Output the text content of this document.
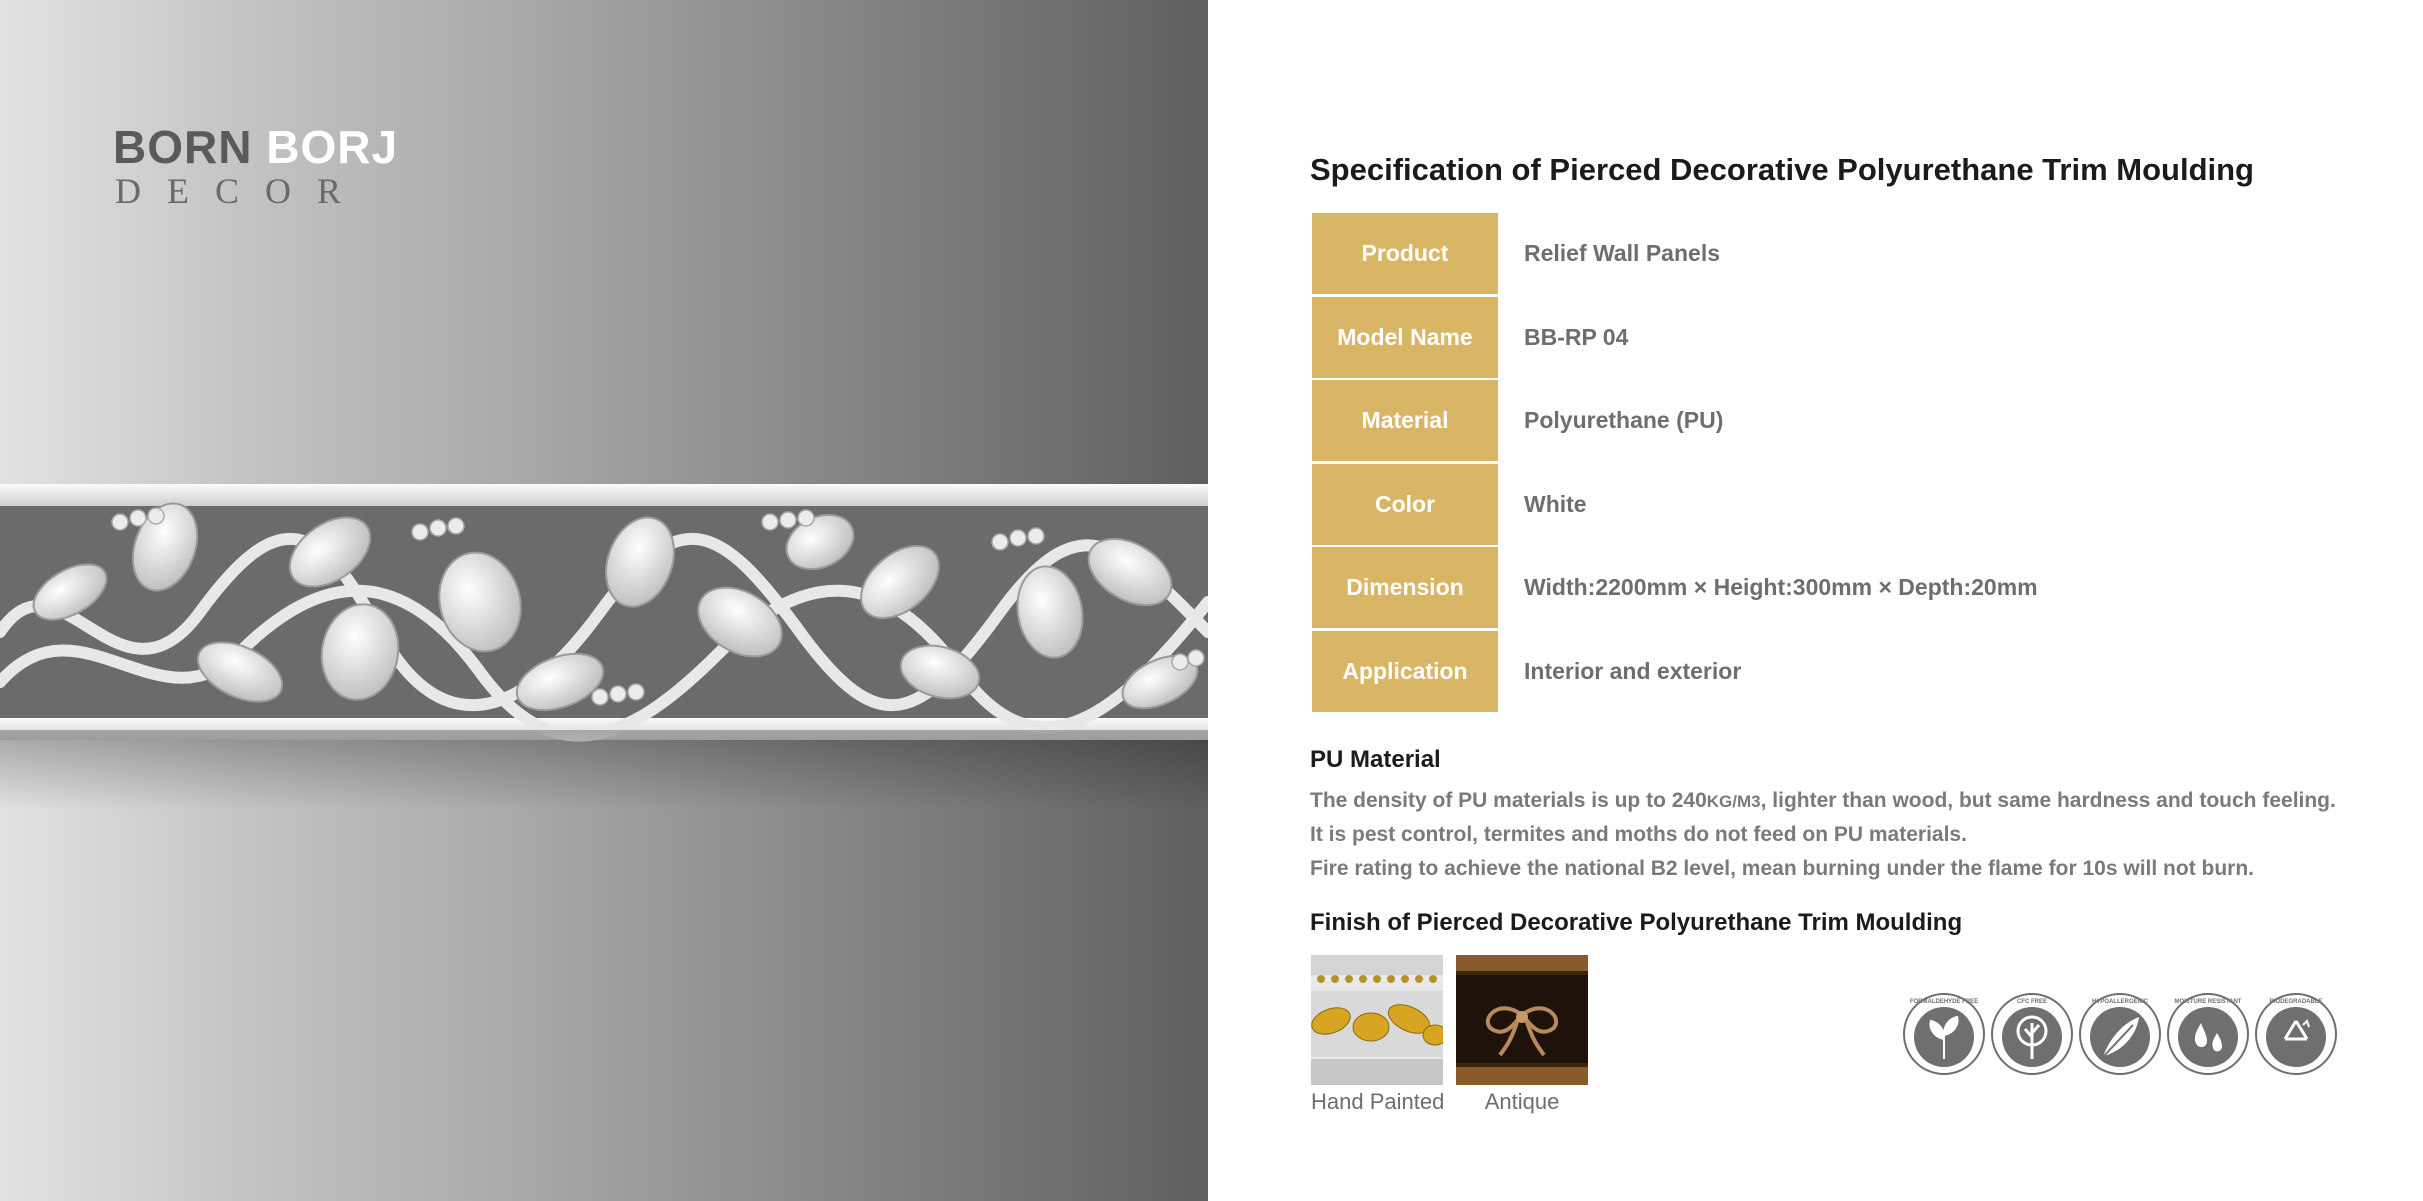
BORN BORJ
DECOR
Specification of Pierced Decorative Polyurethane Trim Moulding
Product	Relief Wall Panels
Model Name	BB-RP 04
Material	Polyurethane (PU)
Color	White
Dimension	Width:2200mm × Height:300mm × Depth:20mm
Application	Interior and exterior
PU Material
The density of PU materials is up to 240KG/M3, lighter than wood, but same hardness and touch feeling.
It is pest control, termites and moths do not feed on PU materials.
Fire rating to achieve the national B2 level, mean burning under the flame for 10s will not burn.
Finish of Pierced Decorative Polyurethane Trim Moulding
Hand Painted	Antique
FORMALDEHYDE FREE	CFC FREE	HYPOALLERGENIC	MOISTURE RESISTANT	BIODEGRADABLE
